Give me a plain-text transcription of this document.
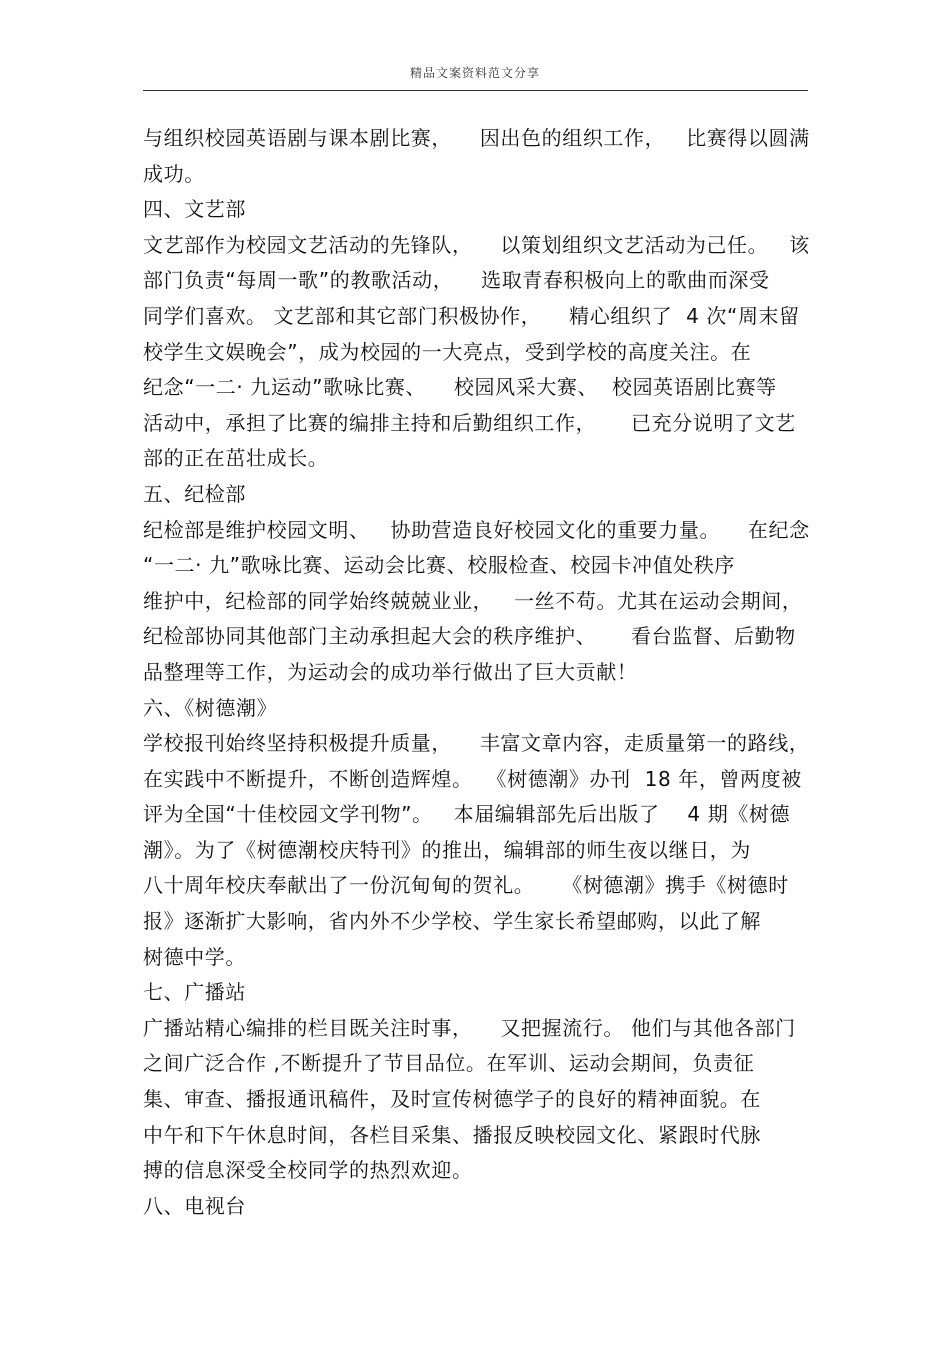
精品文案资料范文分享
与组织校园英语剧与课本剧比赛，    因出色的组织工作，   比赛得以圆满
成功。
四、文艺部
文艺部作为校园文艺活动的先锋队，    以策划组织文艺活动为己任。   该
部门负责“每周一歌”的教歌活动，    选取青春积极向上的歌曲而深受
同学们喜欢。 文艺部和其它部门积极协作，    精心组织了  4 次“周末留
校学生文娱晚会”，成为校园的一大亮点，受到学校的高度关注。在
纪念“一二· 九运动”歌咏比赛、    校园风采大赛、  校园英语剧比赛等
活动中，承担了比赛的编排主持和后勤组织工作，     已充分说明了文艺
部的正在茁壮成长。
五、纪检部
纪检部是维护校园文明、   协助营造良好校园文化的重要力量。    在纪念
“一二· 九”歌咏比赛、运动会比赛、校服检查、校园卡冲值处秩序
维护中，纪检部的同学始终兢兢业业，   一丝不苟。尤其在运动会期间，
纪检部协同其他部门主动承担起大会的秩序维护、     看台监督、后勤物
品整理等工作，为运动会的成功举行做出了巨大贡献！
六、《树德潮》
学校报刊始终坚持积极提升质量，    丰富文章内容，走质量第一的路线，
在实践中不断提升，不断创造辉煌。  《树德潮》办刊  18 年，曾两度被
评为全国“十佳校园文学刊物”。   本届编辑部先后出版了    4 期《树德
潮》。为了《树德潮校庆特刊》的推出，编辑部的师生夜以继日，为
八十周年校庆奉献出了一份沉甸甸的贺礼。    《树德潮》携手《树德时
报》逐渐扩大影响，省内外不少学校、学生家长希望邮购，以此了解
树德中学。
七、广播站
广播站精心编排的栏目既关注时事，    又把握流行。 他们与其他各部门
之间广泛合作 ,不断提升了节目品位。在军训、运动会期间，负责征
集、审查、播报通讯稿件，及时宣传树德学子的良好的精神面貌。在
中午和下午休息时间，各栏目采集、播报反映校园文化、紧跟时代脉
搏的信息深受全校同学的热烈欢迎。
八、电视台
